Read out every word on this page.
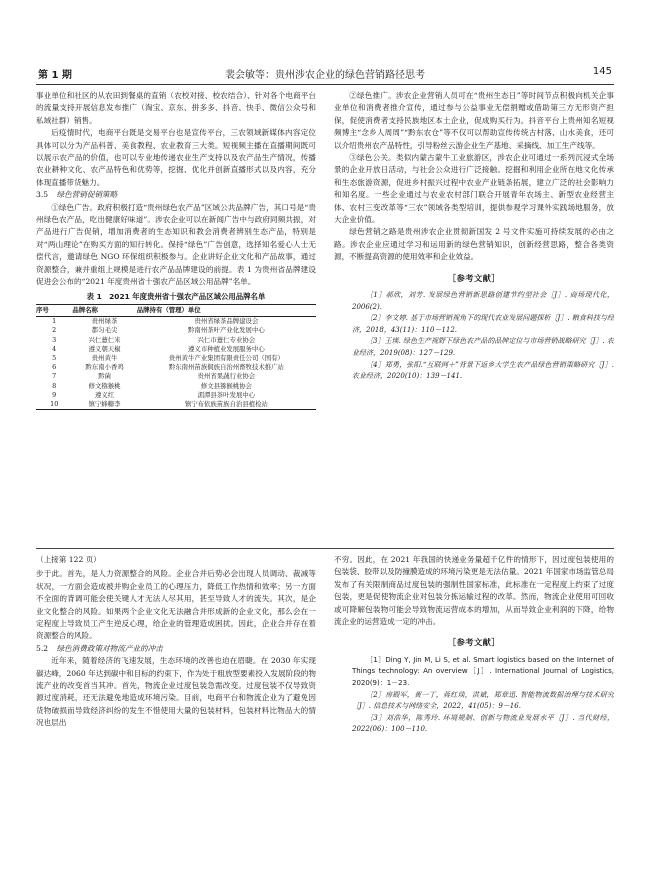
第 1 期	裴会敏等：贵州涉农企业的绿色营销路径思考	145

事业单位和社区的从农田到餐桌的直销（农校对接、校农结合）、针对各个电商平台的流量支持开展信息发布推广（淘宝、京东、拼多多、抖音、快手、微信公众号和私域社群）销售。

后疫情时代，电商平台既是交易平台也是宣传平台，三农领域新媒体内容定位具体可以分为产品科普、美食教程、农业教育三大类。短视频主播在直播期间既可以展示农产品的价值，也可以专业地传递农业生产支持以及农产品生产情况，传播农业耕种文化、农产品特色和优势等，挖掘、优化并创新直播形式以及内容，充分体现直播带货魅力。

3.5 绿色营销促销策略

①绿色广告。政府积极打造“贵州绿色农产品”区域公共品牌广告，其口号是“贵州绿色农产品，吃出健康好味道”。涉农企业可以在新闻广告中与政府同频共振，对产品进行广告促销，增加消费者的生态知识和教会消费者辨别生态产品，特别是对“两山理论”在购买方面的知行转化。保持“绿色”广告创意，选择知名爱心人士无偿代言，邀请绿色 NGO 环保组织积极参与。企业讲好企业文化和产品故事，通过资源整合，兼并重组上规模是进行农产品品牌建设的前提。表 1 为贵州省品牌建设促进会公布的“2021 年度贵州省十强农产品区域公用品牌”名单。

表 1　2021 年度贵州省十强农产品区域公用品牌名单
序号	品牌名称	品牌持有（管理）单位
1	贵州绿茶	贵州省绿茶品牌建设会
2	都匀毛尖	黔南州茶叶产业化发展中心
3	兴仁薏仁米	兴仁市薏仁专业协会
4	遵义朝天椒	遵义市种植业发展服务中心
5	贵州黄牛	贵州黄牛产业集团有限责任公司（国有）
6	黔东南小香鸡	黔东南州苗族侗族自治州畜牧技术推广站
7	黔菌	贵州省果蔬行业协会
8	修文猕猴桃	修文县猕猴桃协会
9	遵义红	湄潭县茶叶发展中心
10	镇宁蜂糖李	镇宁布依族苗族自治县植检站

②绿色推广。涉农企业营销人员可在“贵州生态日”等时间节点积极向机关企事业单位和消费者推介宣传，通过参与公益事业无偿捐赠或借助第三方无形资产担保，促使消费者支持民族地区本土企业，促成购买行为。抖音平台上贵州知名短视频博主“念乡人周周”“黔东农仓”等不仅可以帮助宣传传统古村落、山水美食，还可以介绍贵州农产品特性，引导粉丝云游企业生产基地、采摘线、加工生产线等。

③绿色公关。类似内蒙古蒙牛工业旅游区，涉农企业可通过一系列沉浸式全场景的企业开放日活动，与社会公众进行广泛接触。挖掘和利用企业所在地文化传承和生态旅游资源，促进乡村振兴过程中农业产业链条拓展，建立广泛的社会影响力和知名度。一些企业通过与农业农村部门联合开展青年农场主、新型农业经营主体、农村三变改革等“三农”领域各类型培训，提供参观学习课外实践场地服务，放大企业价值。

绿色营销之路是贵州涉农企业贯彻新国发 2 号文件实施可持续发展的必由之路。涉农企业应通过学习和运用新的绿色营销知识，创新经营思路，整合各类资源，不断提高资源的使用效率和企业效益。

［参考文献］

［1］郝欣，刘芳. 发展绿色营销新思路创建节约型社会［J］. 商场现代化，2006(2).

［2］李文婷. 基于市场营销视角下的现代农业发展问题探析［J］. 粮食科技与经济，2018，43(11)：110－112.

［3］王瑛. 绿色生产视野下绿色农产品的品牌定位与市场营销战略研究［J］. 农业经济，2019(08)：127－129.

［4］郑勇，张阳.“互联网＋”背景下返乡大学生农产品绿色营销策略研究［J］. 农业经济，2020(10)：139－141.

（上接第 122 页）

步于此。首先，是人力资源整合的风险。企业合并后势必会出现人员调动、裁减等状况，一方面会造成被并购企业员工的心理压力，降低工作热情和效率；另一方面不全面的背调可能会使关键人才无法人尽其用，甚至导致人才的流失。其次，是企业文化整合的风险。如果两个企业文化无法融合并形成新的企业文化，那么会在一定程度上导致员工产生逆反心理，给企业的管理造成困扰。因此，企业合并存在着资源整合的风险。

5.2 绿色消费政策对物流产业的冲击

近年来，随着经济的飞速发展，生态环境的改善也迫在眉睫。在 2030 年实现碳达峰，2060 年达到碳中和目标的约束下，作为处于粗放型要素投入发展阶段的物流产业的改变首当其冲。首先，物流企业过度包装急需改变。过度包装不仅导致资源过度消耗，还无法避免地造成环境污染。目前，电商平台和物流企业为了避免因货物破损而导致经济纠纷的发生不惜使用大量的包装材料，包装材料比物品大的情况也层出

不穷。因此，在 2021 年我国的快递业务量超千亿件的情形下，因过度包装使用的包装袋、胶带以及防撞膜造成的环境污染更是无法估量。2021 年国家市场监管总局发布了有关限制商品过度包装的强制性国家标准，此标准在一定程度上约束了过度包装，更是促使物流企业对包装分拣运输过程的改革。然而，物流企业使用可回收或可降解包装物可能会导致物流运营成本的增加，从而导致企业利润的下降，给物流企业的运营造成一定的冲击。

［参考文献］

［1］Ding Y, Jin M, Li S, et al. Smart logistics based on the Internet of Things technology: An overview［J］. International Journal of Logistics, 2020(9)：1－23.

［2］房殿军，黄一丁，蒋红琰，洪斌，郑章迅. 智能物流数据治理与技术研究［J］. 信息技术与网络安全，2022，41(05)：9－16.

［3］刘浩华，陈秀玲. 环境规制、创新与物流业发展水平［J］. 当代财经，2022(06)：100－110.
